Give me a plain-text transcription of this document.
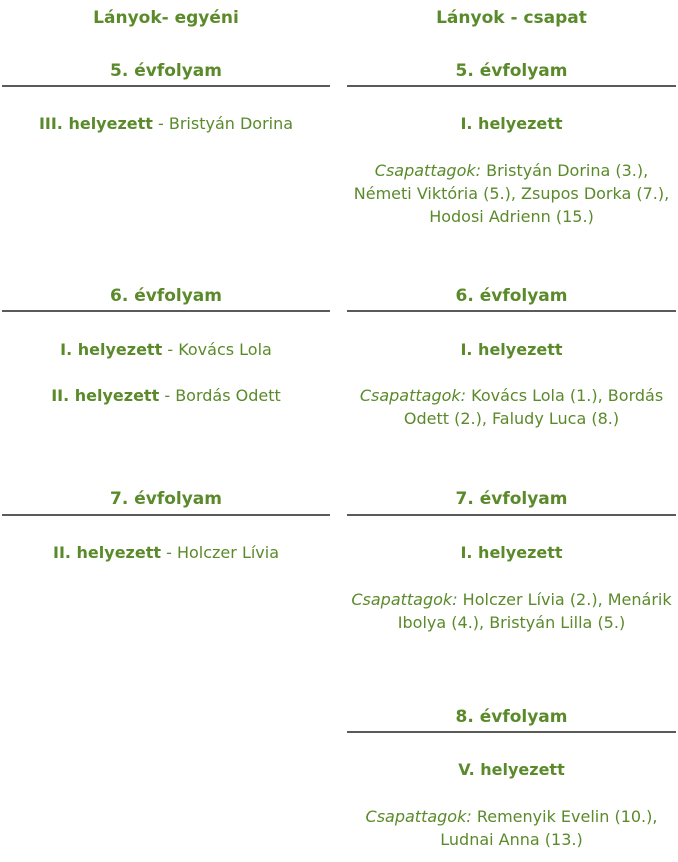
Lányok- egyéni
5. évfolyam
III. helyezett - Bristyán Dorina
6. évfolyam
I. helyezett - Kovács Lola
II. helyezett - Bordás Odett
7. évfolyam
II. helyezett - Holczer Lívia
Lányok - csapat
5. évfolyam
I. helyezett
Csapattagok: Bristyán Dorina (3.),
Németi Viktória (5.), Zsupos Dorka (7.),
Hodosi Adrienn (15.)
6. évfolyam
I. helyezett
Csapattagok: Kovács Lola (1.), Bordás
Odett (2.), Faludy Luca (8.)
7. évfolyam
I. helyezett
Csapattagok: Holczer Lívia (2.), Menárik
Ibolya (4.), Bristyán Lilla (5.)
8. évfolyam
V. helyezett
Csapattagok: Remenyik Evelin (10.),
Ludnai Anna (13.)
